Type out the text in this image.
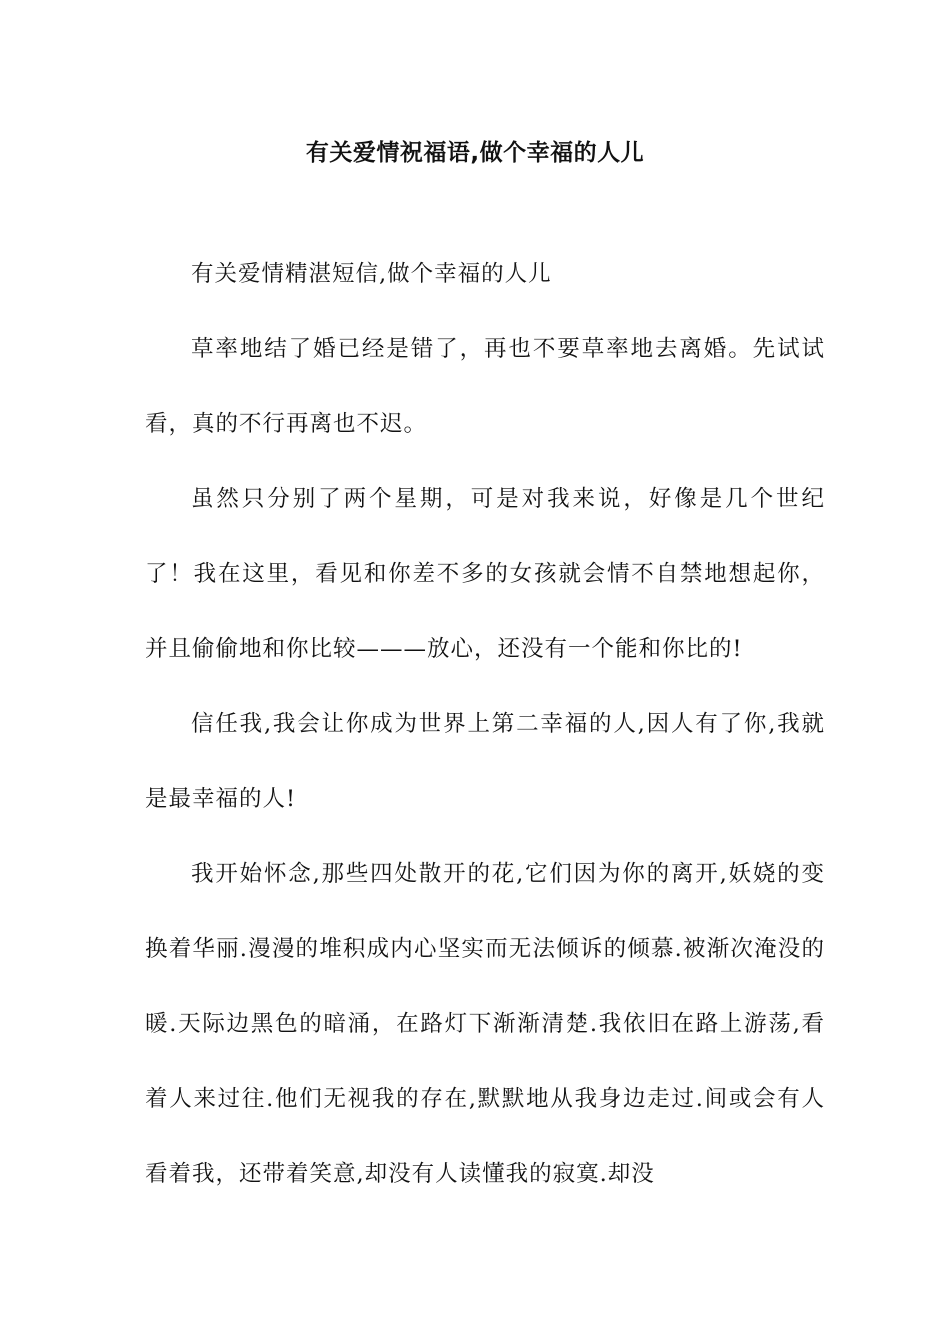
有关爱情祝福语,做个幸福的人儿

有关爱情精湛短信,做个幸福的人儿

草率地结了婚已经是错了，再也不要草率地去离婚。先试试看，真的不行再离也不迟。

虽然只分别了两个星期，可是对我来说，好像是几个世纪了！我在这里，看见和你差不多的女孩就会情不自禁地想起你，并且偷偷地和你比较———放心，还没有一个能和你比的!

信任我,我会让你成为世界上第二幸福的人,因人有了你,我就是最幸福的人!

我开始怀念,那些四处散开的花,它们因为你的离开,妖娆的变换着华丽.漫漫的堆积成内心坚实而无法倾诉的倾慕.被渐次淹没的暖.天际边黑色的暗涌，在路灯下渐渐清楚.我依旧在路上游荡,看着人来过往.他们无视我的存在,默默地从我身边走过.间或会有人看着我，还带着笑意,却没有人读懂我的寂寞.却没
